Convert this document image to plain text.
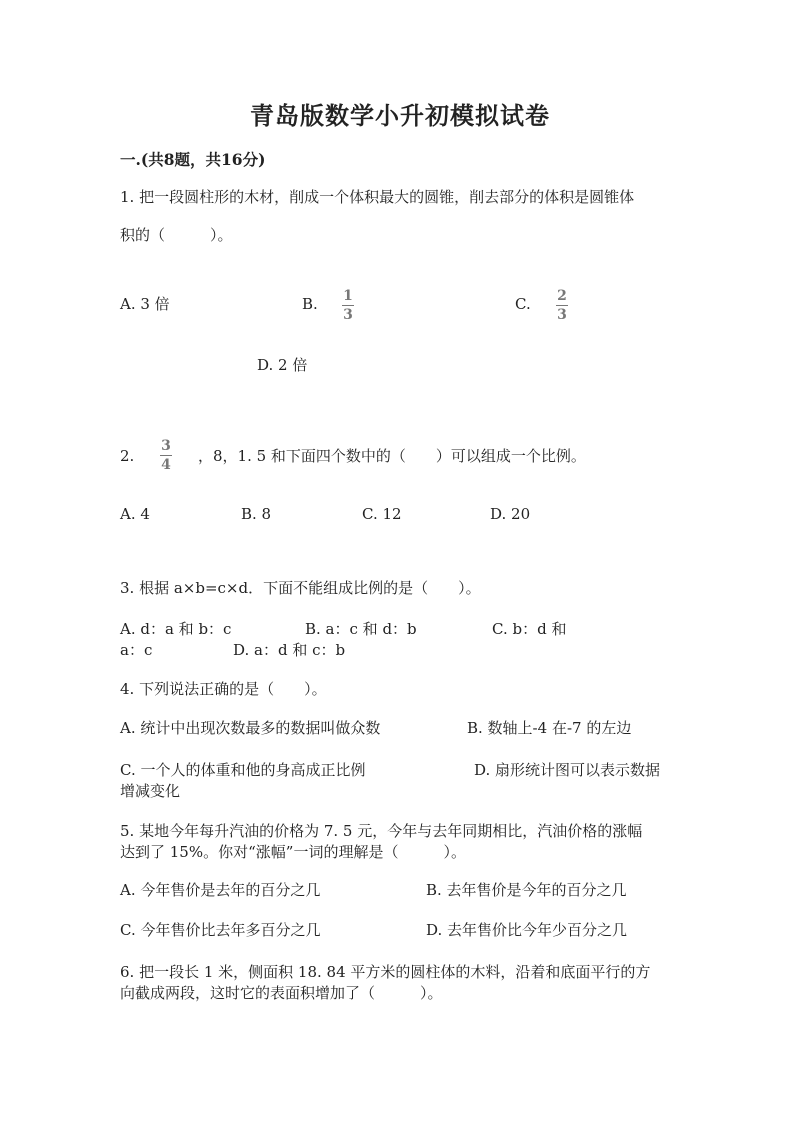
青岛版数学小升初模拟试卷
一.(共8题，共16分)
1. 把一段圆柱形的木材，削成一个体积最大的圆锥，削去部分的体积是圆锥体
积的（　　　）。
A. 3 倍	B. 1
3
C. 2
3
D. 2 倍
2.
3
4
，8，1. 5 和下面四个数中的（　　）可以组成一个比例。
A. 4	B. 8	C. 12	D. 20
3. 根据 a×b=c×d．下面不能组成比例的是（　　）。
A. d：a 和 b：c	B. a：c 和 d：b	C. b：d 和
a：c	D. a：d 和 c：b
4. 下列说法正确的是（　　）。
A. 统计中出现次数最多的数据叫做众数	B. 数轴上-4 在-7 的左边
C. 一个人的体重和他的身高成正比例	D. 扇形统计图可以表示数据
增减变化
5. 某地今年每升汽油的价格为 7. 5 元，今年与去年同期相比，汽油价格的涨幅
达到了 15%。你对“涨幅”一词的理解是（　　　）。
A. 今年售价是去年的百分之几	B. 去年售价是今年的百分之几
C. 今年售价比去年多百分之几	D. 去年售价比今年少百分之几
6. 把一段长 1 米，侧面积 18. 84 平方米的圆柱体的木料，沿着和底面平行的方
向截成两段，这时它的表面积增加了（　　　）。
